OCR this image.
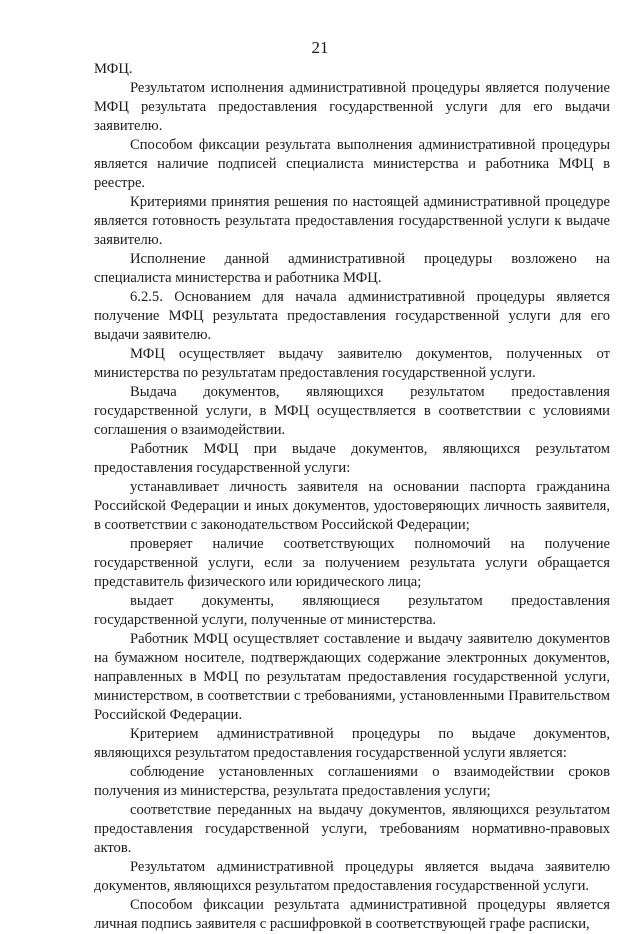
21

МФЦ.

Результатом исполнения административной процедуры является получение МФЦ результата предоставления государственной услуги для его выдачи заявителю.

Способом фиксации результата выполнения административной процедуры является наличие подписей специалиста министерства и работника МФЦ в реестре.

Критериями принятия решения по настоящей административной процедуре является готовность результата предоставления государственной услуги к выдаче заявителю.

Исполнение данной административной процедуры возложено на специалиста министерства и работника МФЦ.

6.2.5. Основанием для начала административной процедуры является получение МФЦ результата предоставления государственной услуги для его выдачи заявителю.

МФЦ осуществляет выдачу заявителю документов, полученных от министерства по результатам предоставления государственной услуги.

Выдача документов, являющихся результатом предоставления государственной услуги, в МФЦ осуществляется в соответствии с условиями соглашения о взаимодействии.

Работник МФЦ при выдаче документов, являющихся результатом предоставления государственной услуги:

устанавливает личность заявителя на основании паспорта гражданина Российской Федерации и иных документов, удостоверяющих личность заявителя, в соответствии с законодательством Российской Федерации;

проверяет наличие соответствующих полномочий на получение государственной услуги, если за получением результата услуги обращается представитель физического или юридического лица;

выдает документы, являющиеся результатом предоставления государственной услуги, полученные от министерства.

Работник МФЦ осуществляет составление и выдачу заявителю документов на бумажном носителе, подтверждающих содержание электронных документов, направленных в МФЦ по результатам предоставления государственной услуги, министерством, в соответствии с требованиями, установленными Правительством Российской Федерации.

Критерием административной процедуры по выдаче документов, являющихся результатом предоставления государственной услуги является:

соблюдение установленных соглашениями о взаимодействии сроков получения из министерства, результата предоставления услуги;

соответствие переданных на выдачу документов, являющихся результатом предоставления государственной услуги, требованиям нормативно-правовых актов.

Результатом административной процедуры является выдача заявителю документов, являющихся результатом предоставления государственной услуги.

Способом фиксации результата административной процедуры является личная подпись заявителя с расшифровкой в соответствующей графе расписки,
